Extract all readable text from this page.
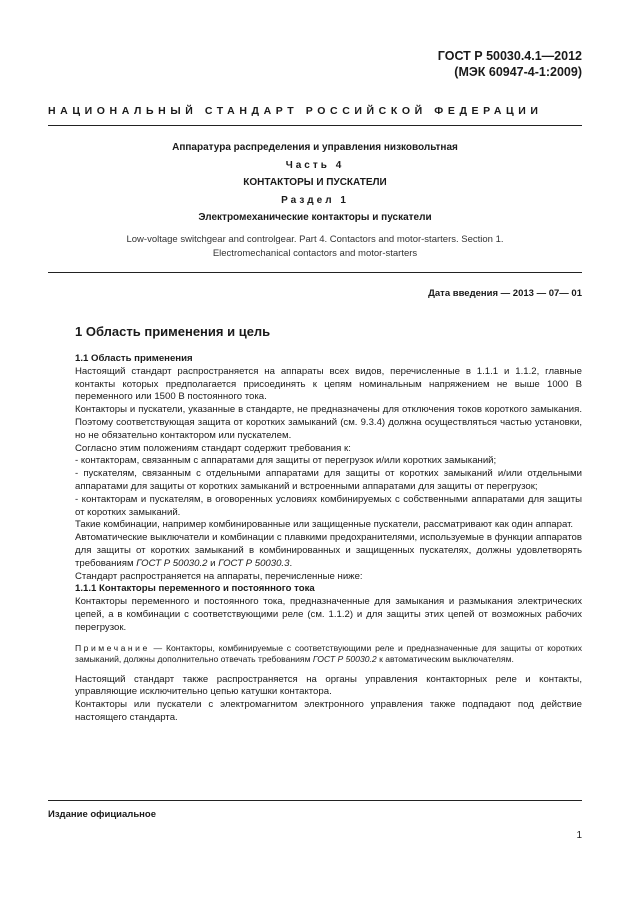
ГОСТ Р 50030.4.1—2012
(МЭК 60947-4-1:2009)
НАЦИОНАЛЬНЫЙ СТАНДАРТ РОССИЙСКОЙ ФЕДЕРАЦИИ
Аппаратура распределения и управления низковольтная
Часть 4
КОНТАКТОРЫ И ПУСКАТЕЛИ
Раздел 1
Электромеханические контакторы и пускатели
Low-voltage switchgear and controlgear. Part 4. Contactors and motor-starters. Section 1.
Electromechanical contactors and motor-starters
Дата введения — 2013 — 07— 01
1 Область применения и цель

1.1 Область применения

Настоящий стандарт распространяется на аппараты всех видов, перечисленные в 1.1.1 и 1.1.2, главные контакты которых предполагается присоединять к цепям номинальным напряжением не выше 1000 В переменного или 1500 В постоянного тока.

Контакторы и пускатели, указанные в стандарте, не предназначены для отключения токов короткого замыкания. Поэтому соответствующая защита от коротких замыканий (см. 9.3.4) должна осуществляться частью установки, но не обязательно контактором или пускателем.

Согласно этим положениям стандарт содержит требования к:

- контакторам, связанным с аппаратами для защиты от перегрузок и/или коротких замыканий;

- пускателям, связанным с отдельными аппаратами для защиты от коротких замыканий и/или отдельными аппаратами для защиты от коротких замыканий и встроенными аппаратами для защиты от перегрузок;

- контакторам и пускателям, в оговоренных условиях комбинируемых с собственными аппаратами для защиты от коротких замыканий.

Такие комбинации, например комбинированные или защищенные пускатели, рассматривают как один аппарат.

Автоматические выключатели и комбинации с плавкими предохранителями, используемые в функции аппаратов для защиты от коротких замыканий в комбинированных и защищенных пускателях, должны удовлетворять требованиям ГОСТ Р 50030.2 и ГОСТ Р 50030.3.

Стандарт распространяется на аппараты, перечисленные ниже:

1.1.1 Контакторы переменного и постоянного тока

Контакторы переменного и постоянного тока, предназначенные для замыкания и размыкания электрических цепей, а в комбинации с соответствующими реле (см. 1.1.2) и для защиты этих цепей от возможных рабочих перегрузок.

Примечание — Контакторы, комбинируемые с соответствующими реле и предназначенные для защиты от коротких замыканий, должны дополнительно отвечать требованиям ГОСТ Р 50030.2 к автоматическим выключателям.

Настоящий стандарт также распространяется на органы управления контакторных реле и контакты, управляющие исключительно цепью катушки контактора.

Контакторы или пускатели с электромагнитом электронного управления также подпадают под действие настоящего стандарта.

Издание официальное
1
